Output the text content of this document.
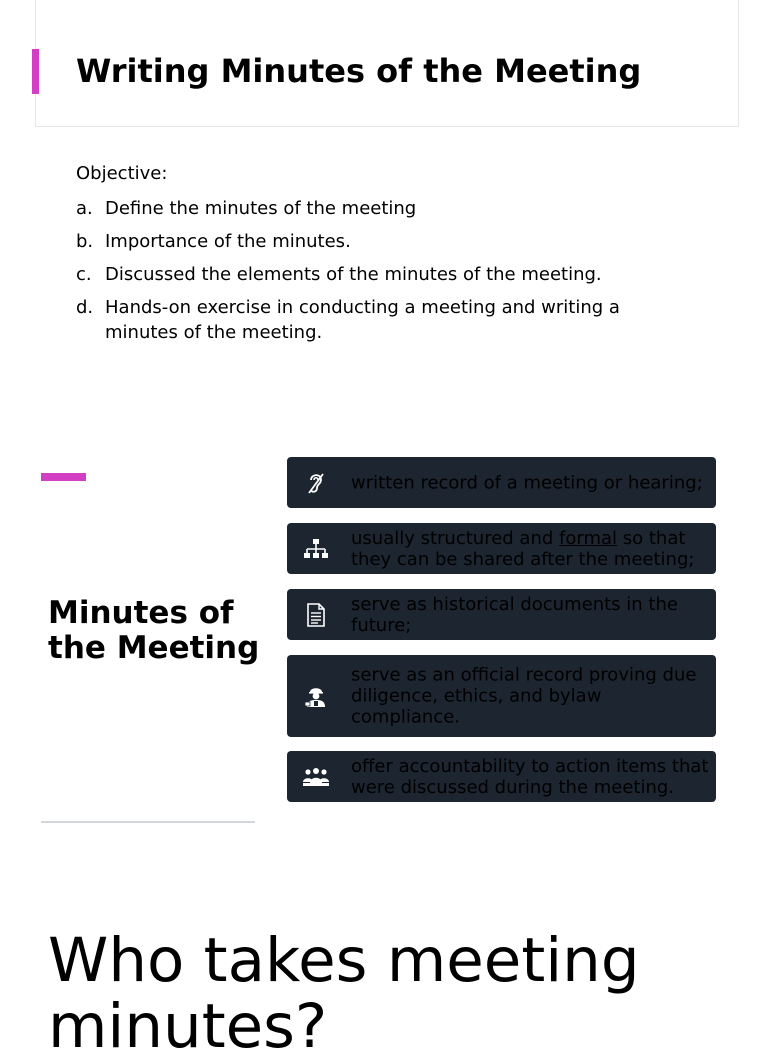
Writing Minutes of the Meeting
Objective:
a. Define the minutes of the meeting
b. Importance of the minutes.
c. Discussed the elements of the minutes of the meeting.
d. Hands-on exercise in conducting a meeting and writing a minutes of the meeting.
Minutes of the Meeting
written record of a meeting or hearing;
usually structured and formal so that they can be shared after the meeting;
serve as historical documents in the future;
serve as an official record proving due diligence, ethics, and bylaw compliance.
offer accountability to action items that were discussed during the meeting.
Who takes meeting minutes?
